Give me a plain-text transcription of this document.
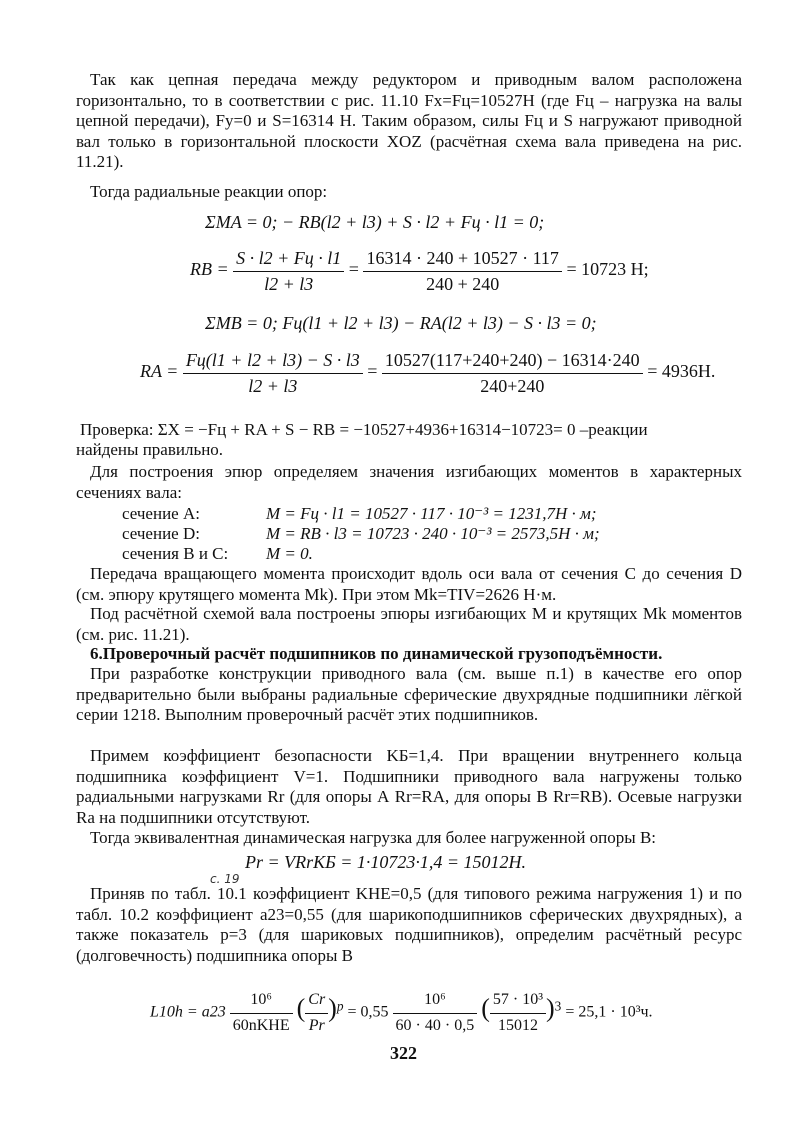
Так как цепная передача между редуктором и приводным валом расположена горизонтально, то в соответствии с рис. 11.10 Fx=Fц=10527Н (где Fц – нагрузка на валы цепной передачи), Fy=0 и S=16314 Н. Таким образом, силы Fц и S нагружают приводной вал только в горизонтальной плоскости XOZ (расчётная схема вала приведена на рис. 11.21).
Тогда радиальные реакции опор:
ΣMA = 0; − RB(l2 + l3) + S · l2 + Fц · l1 = 0;
RB = $\frac{S \cdot l2 + Fц \cdot l1}{l2 + l3} = \frac{16314 \cdot 240 + 10527 \cdot 117}{240 + 240} = 10723$ Н;
ΣMB = 0; Fц(l1 + l2 + l3) − RA(l2 + l3) − S · l3 = 0;
RA = $\frac{Fц(l1 + l2 + l3) - S \cdot l3}{l2 + l3} = \frac{10527(117+240+240) - 16314\cdot 240}{240+240} = 4936Н$.
Проверка: ΣX = −Fц + RA + S − RB = −10527+4936+16314−10723= 0 –реакции
найдены правильно.
Для построения эпюр определяем значения изгибающих моментов в характерных сечениях вала:
сечение А:	M = Fц · l1 = 10527 · 117 · 10⁻³ = 1231,7Н · м;
сечение D:	M = RB · l3 = 10723 · 240 · 10⁻³ = 2573,5Н · м;
сечения В и С: M = 0.
Передача вращающего момента происходит вдоль оси вала от сечения С до сечения D (см. эпюру крутящего момента Mk). При этом Mk=TIV=2626 Н·м.
Под расчётной схемой вала построены эпюры изгибающих M и крутящих Mk моментов (см. рис. 11.21).
6.Проверочный расчёт подшипников по динамической грузоподъёмности.
При разработке конструкции приводного вала (см. выше п.1) в качестве его опор предварительно были выбраны радиальные сферические двухрядные подшипники лёгкой серии 1218. Выполним проверочный расчёт этих подшипников.
Примем коэффициент безопасности KБ=1,4. При вращении внутреннего кольца подшипника коэффициент V=1. Подшипники приводного вала нагружены только радиальными нагрузками Rr (для опоры А Rr=RA, для опоры В Rr=RB). Осевые нагрузки Ra на подшипники отсутствуют.
Тогда эквивалентная динамическая нагрузка для более нагруженной опоры В:
Pr = VRrKБ = 1·10723·1,4 = 15012Н.
с. 19
Приняв по табл. 10.1 коэффициент KHE=0,5 (для типового режима нагружения 1) и по табл. 10.2 коэффициент a23=0,55 (для шарикоподшипников сферических двухрядных), а также показатель p=3 (для шариковых подшипников), определим расчётный ресурс (долговечность) подшипника опоры В
$L10h = a23 \frac{\text{10⁶}}{\text{60nKHE}}$ ( $\frac{Cr}{Pr} )^p = 0,55 \frac{\text{10⁶}}{60 \cdot 40 \cdot 0,5}$ ( $\frac{\text{57 · 10³}}{15012} )^3 = 25,1 \cdot 10^3ч$.
322
